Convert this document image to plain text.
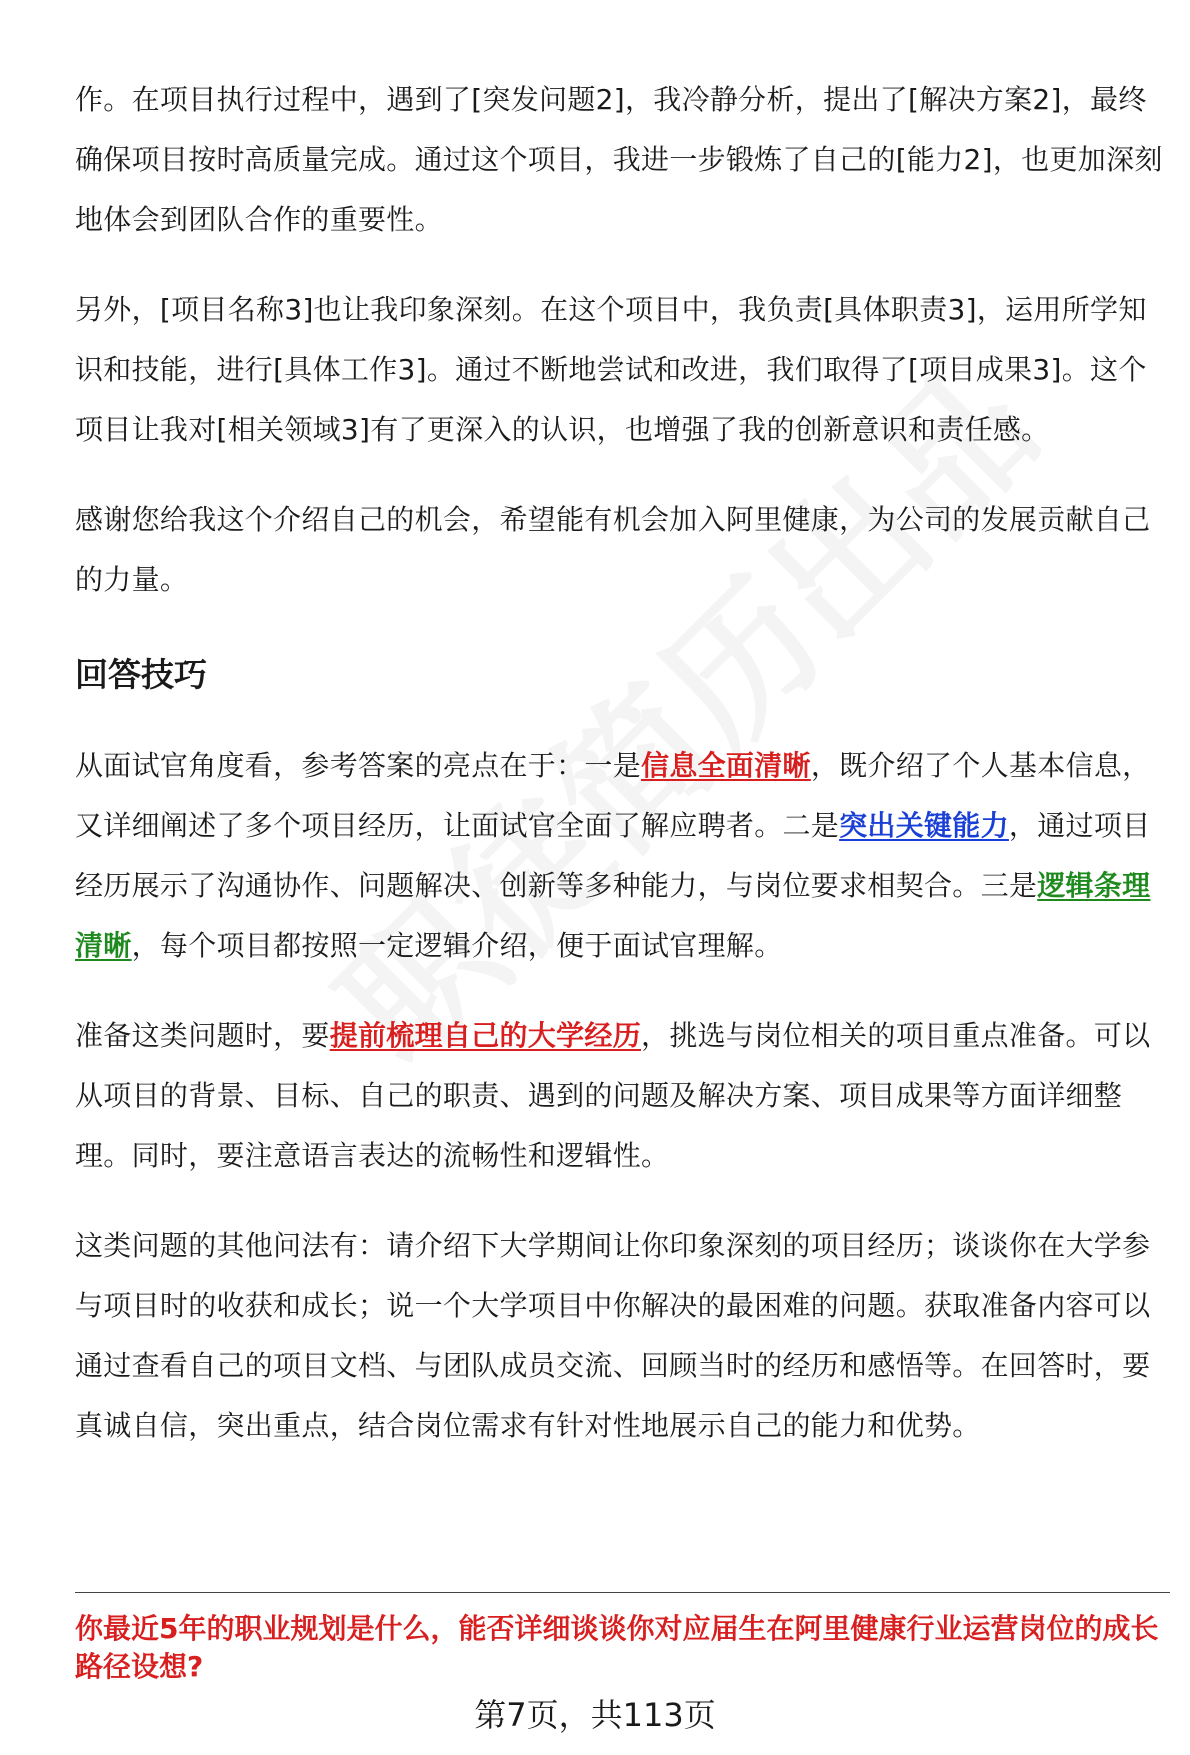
作。在项目执行过程中，遇到了[突发问题2]，我冷静分析，提出了[解决方案2]，最终确保项目按时高质量完成。通过这个项目，我进一步锻炼了自己的[能力2]，也更加深刻地体会到团队合作的重要性。

另外，[项目名称3]也让我印象深刻。在这个项目中，我负责[具体职责3]，运用所学知识和技能，进行[具体工作3]。通过不断地尝试和改进，我们取得了[项目成果3]。这个项目让我对[相关领域3]有了更深入的认识，也增强了我的创新意识和责任感。

感谢您给我这个介绍自己的机会，希望能有机会加入阿里健康，为公司的发展贡献自己的力量。

回答技巧

从面试官角度看，参考答案的亮点在于：一是信息全面清晰，既介绍了个人基本信息，又详细阐述了多个项目经历，让面试官全面了解应聘者。二是突出关键能力，通过项目经历展示了沟通协作、问题解决、创新等多种能力，与岗位要求相契合。三是逻辑条理清晰，每个项目都按照一定逻辑介绍，便于面试官理解。

准备这类问题时，要提前梳理自己的大学经历，挑选与岗位相关的项目重点准备。可以从项目的背景、目标、自己的职责、遇到的问题及解决方案、项目成果等方面详细整理。同时，要注意语言表达的流畅性和逻辑性。

这类问题的其他问法有：请介绍下大学期间让你印象深刻的项目经历；谈谈你在大学参与项目时的收获和成长；说一个大学项目中你解决的最困难的问题。获取准备内容可以通过查看自己的项目文档、与团队成员交流、回顾当时的经历和感悟等。在回答时，要真诚自信，突出重点，结合岗位需求有针对性地展示自己的能力和优势。

你最近5年的职业规划是什么，能否详细谈谈你对应届生在阿里健康行业运营岗位的成长路径设想?
第7页，共113页
